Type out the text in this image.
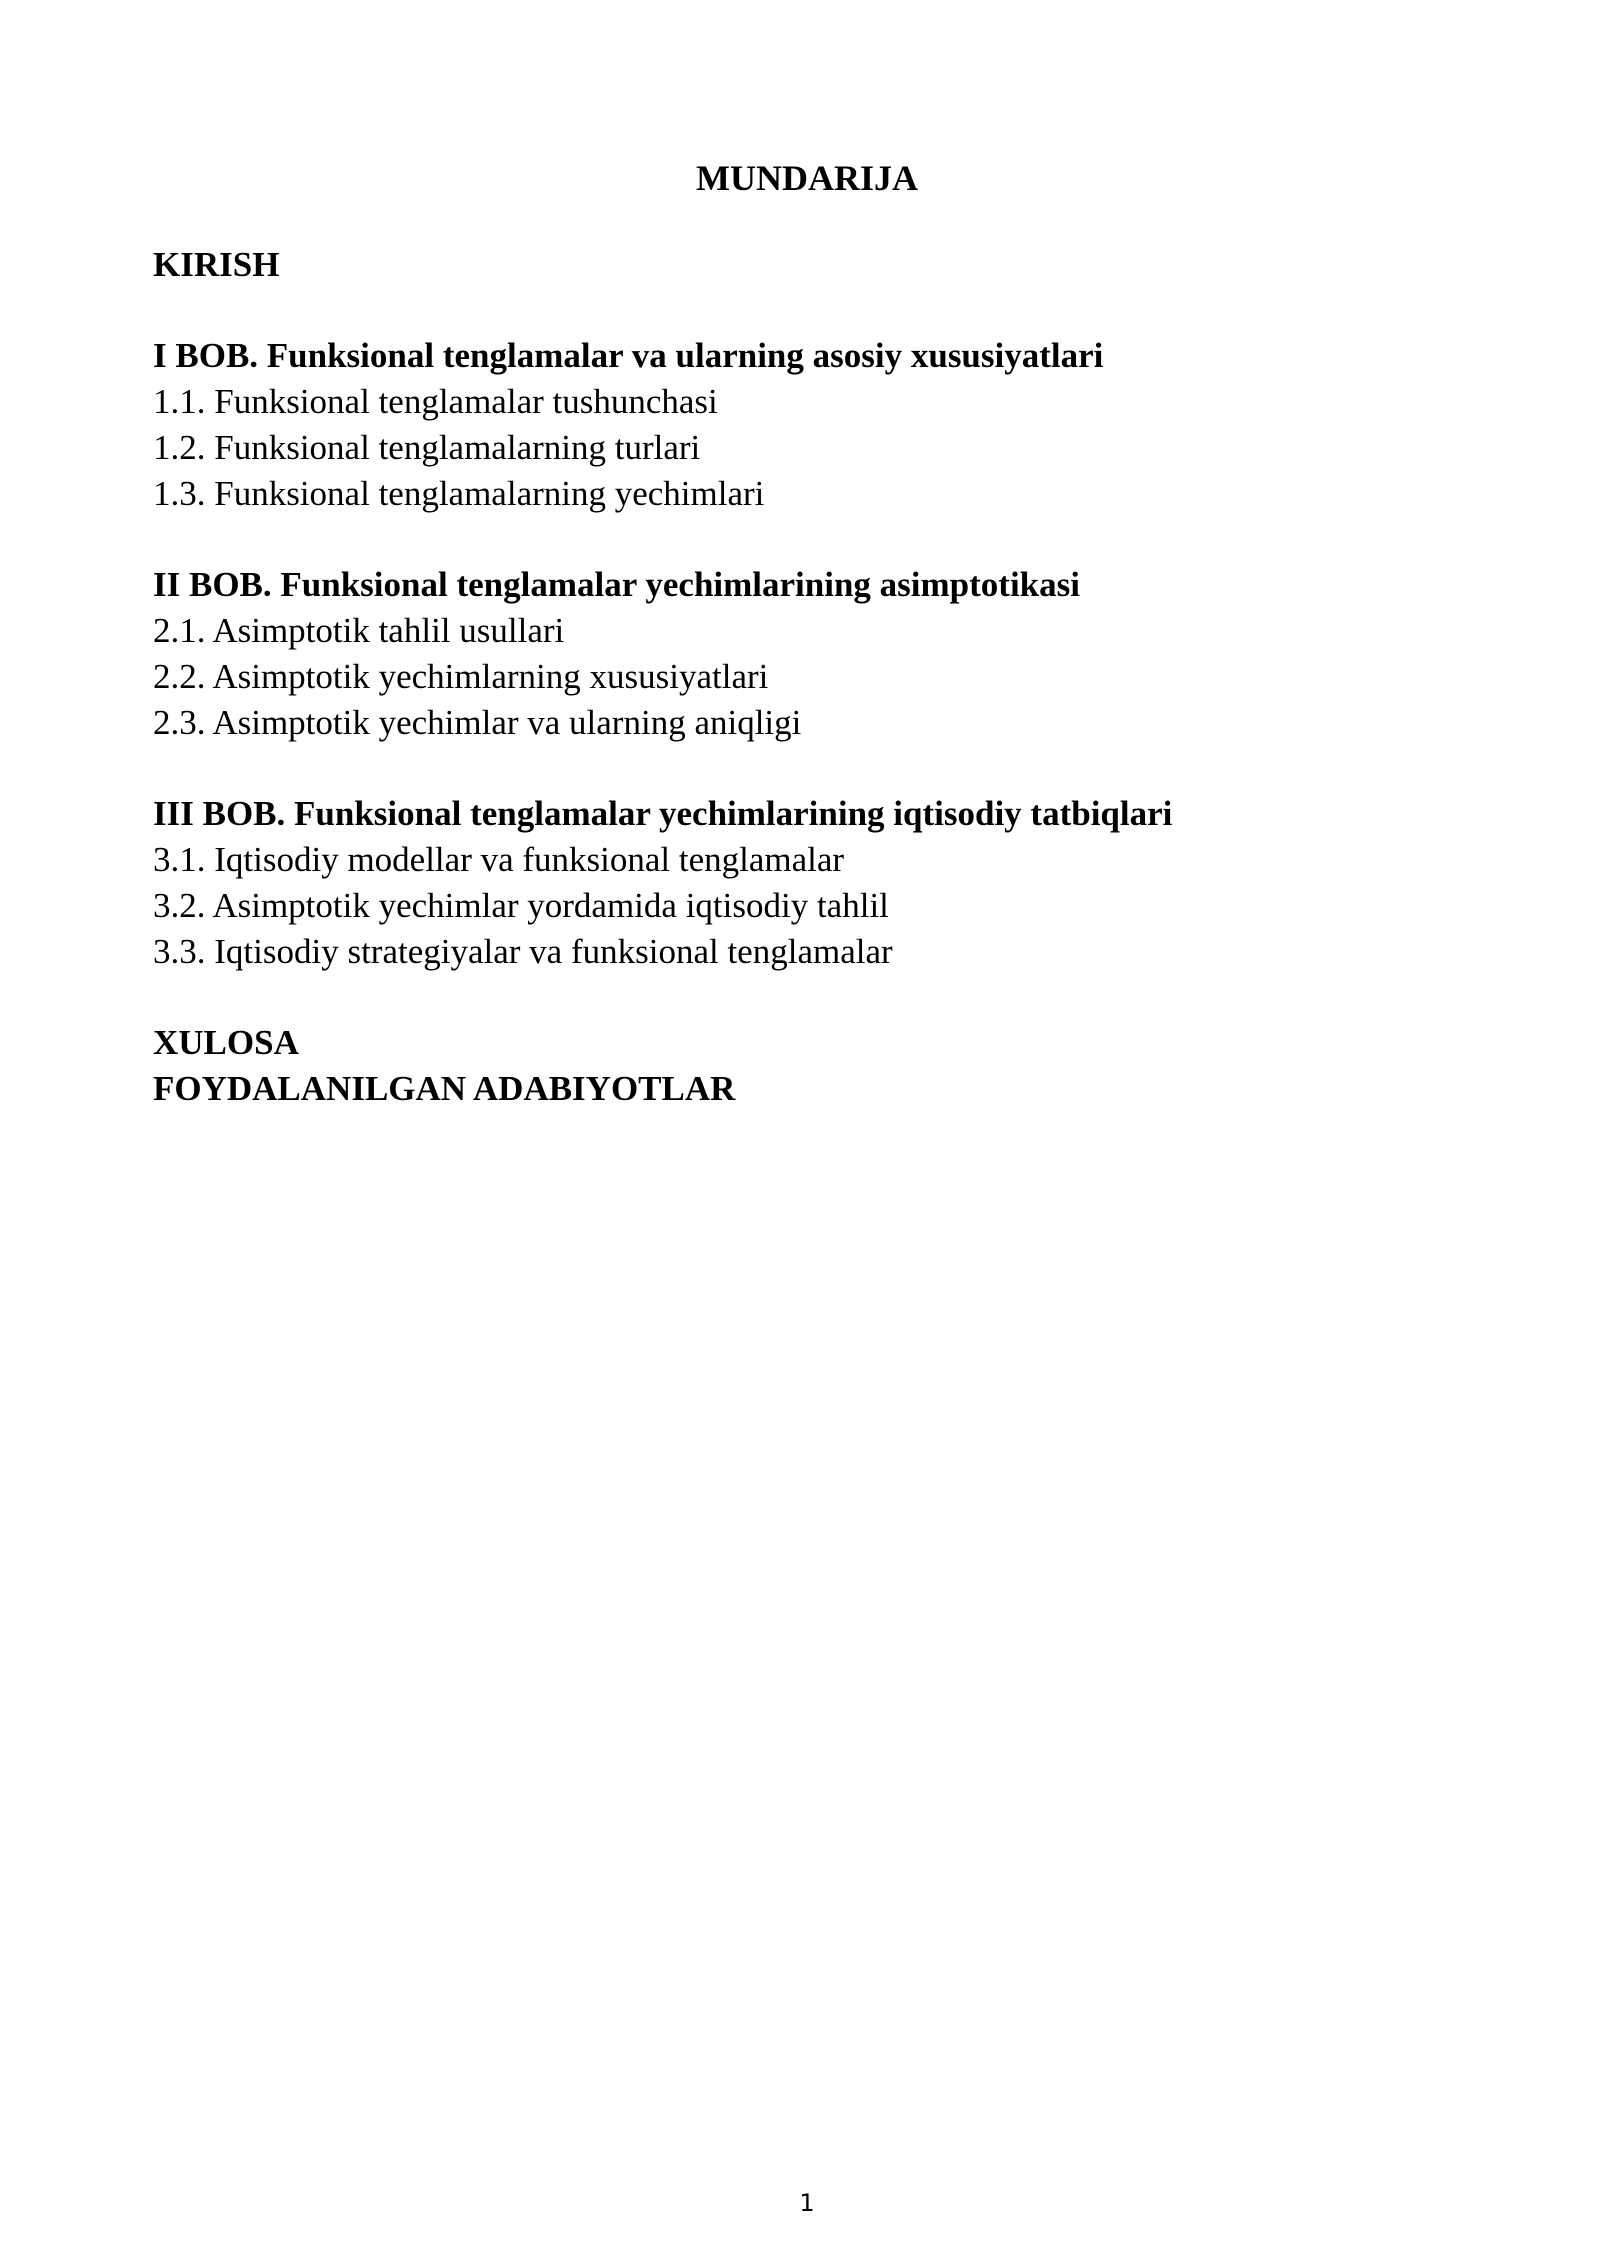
MUNDARIJA
KIRISH
I BOB. Funksional tenglamalar va ularning asosiy xususiyatlari
1.1. Funksional tenglamalar tushunchasi
1.2. Funksional tenglamalarning turlari
1.3. Funksional tenglamalarning yechimlari
II BOB. Funksional tenglamalar yechimlarining asimptotikasi
2.1. Asimptotik tahlil usullari
2.2. Asimptotik yechimlarning xususiyatlari
2.3. Asimptotik yechimlar va ularning aniqligi
III BOB. Funksional tenglamalar yechimlarining iqtisodiy tatbiqlari
3.1. Iqtisodiy modellar va funksional tenglamalar
3.2. Asimptotik yechimlar yordamida iqtisodiy tahlil
3.3. Iqtisodiy strategiyalar va funksional tenglamalar
XULOSA
FOYDALANILGAN ADABIYOTLAR
1
